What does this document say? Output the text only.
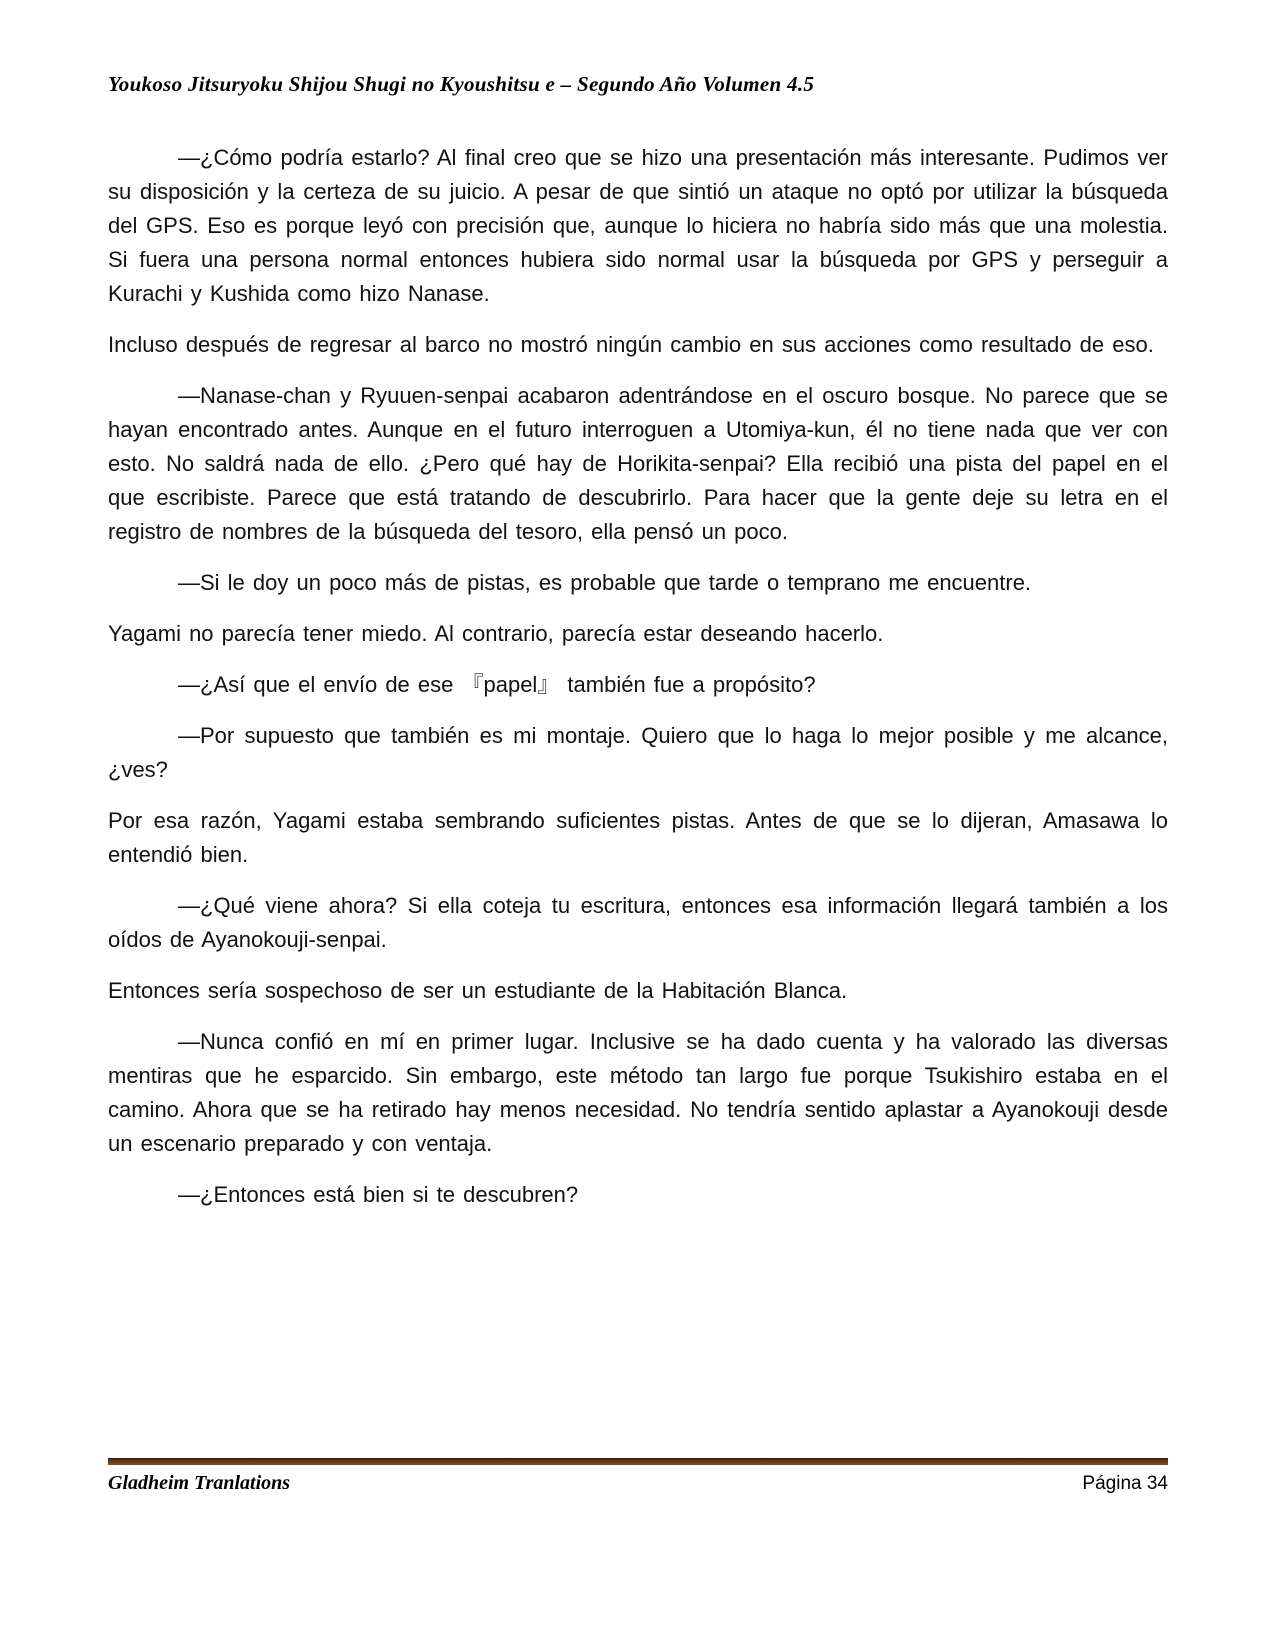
Youkoso Jitsuryoku Shijou Shugi no Kyoushitsu e – Segundo Año Volumen 4.5

—¿Cómo podría estarlo? Al final creo que se hizo una presentación más interesante. Pudimos ver su disposición y la certeza de su juicio. A pesar de que sintió un ataque no optó por utilizar la búsqueda del GPS. Eso es porque leyó con precisión que, aunque lo hiciera no habría sido más que una molestia. Si fuera una persona normal entonces hubiera sido normal usar la búsqueda por GPS y perseguir a Kurachi y Kushida como hizo Nanase.

Incluso después de regresar al barco no mostró ningún cambio en sus acciones como resultado de eso.

—Nanase-chan y Ryuuen-senpai acabaron adentrándose en el oscuro bosque. No parece que se hayan encontrado antes. Aunque en el futuro interroguen a Utomiya-kun, él no tiene nada que ver con esto. No saldrá nada de ello. ¿Pero qué hay de Horikita-senpai? Ella recibió una pista del papel en el que escribiste. Parece que está tratando de descubrirlo. Para hacer que la gente deje su letra en el registro de nombres de la búsqueda del tesoro, ella pensó un poco.

—Si le doy un poco más de pistas, es probable que tarde o temprano me encuentre.

Yagami no parecía tener miedo. Al contrario, parecía estar deseando hacerlo.

—¿Así que el envío de ese 『papel』 también fue a propósito?

—Por supuesto que también es mi montaje. Quiero que lo haga lo mejor posible y me alcance, ¿ves?

Por esa razón, Yagami estaba sembrando suficientes pistas. Antes de que se lo dijeran, Amasawa lo entendió bien.

—¿Qué viene ahora? Si ella coteja tu escritura, entonces esa información llegará también a los oídos de Ayanokouji-senpai.

Entonces sería sospechoso de ser un estudiante de la Habitación Blanca.

—Nunca confió en mí en primer lugar. Inclusive se ha dado cuenta y ha valorado las diversas mentiras que he esparcido. Sin embargo, este método tan largo fue porque Tsukishiro estaba en el camino. Ahora que se ha retirado hay menos necesidad. No tendría sentido aplastar a Ayanokouji desde un escenario preparado y con ventaja.

—¿Entonces está bien si te descubren?

Gladheim Tranlations	Página 34
